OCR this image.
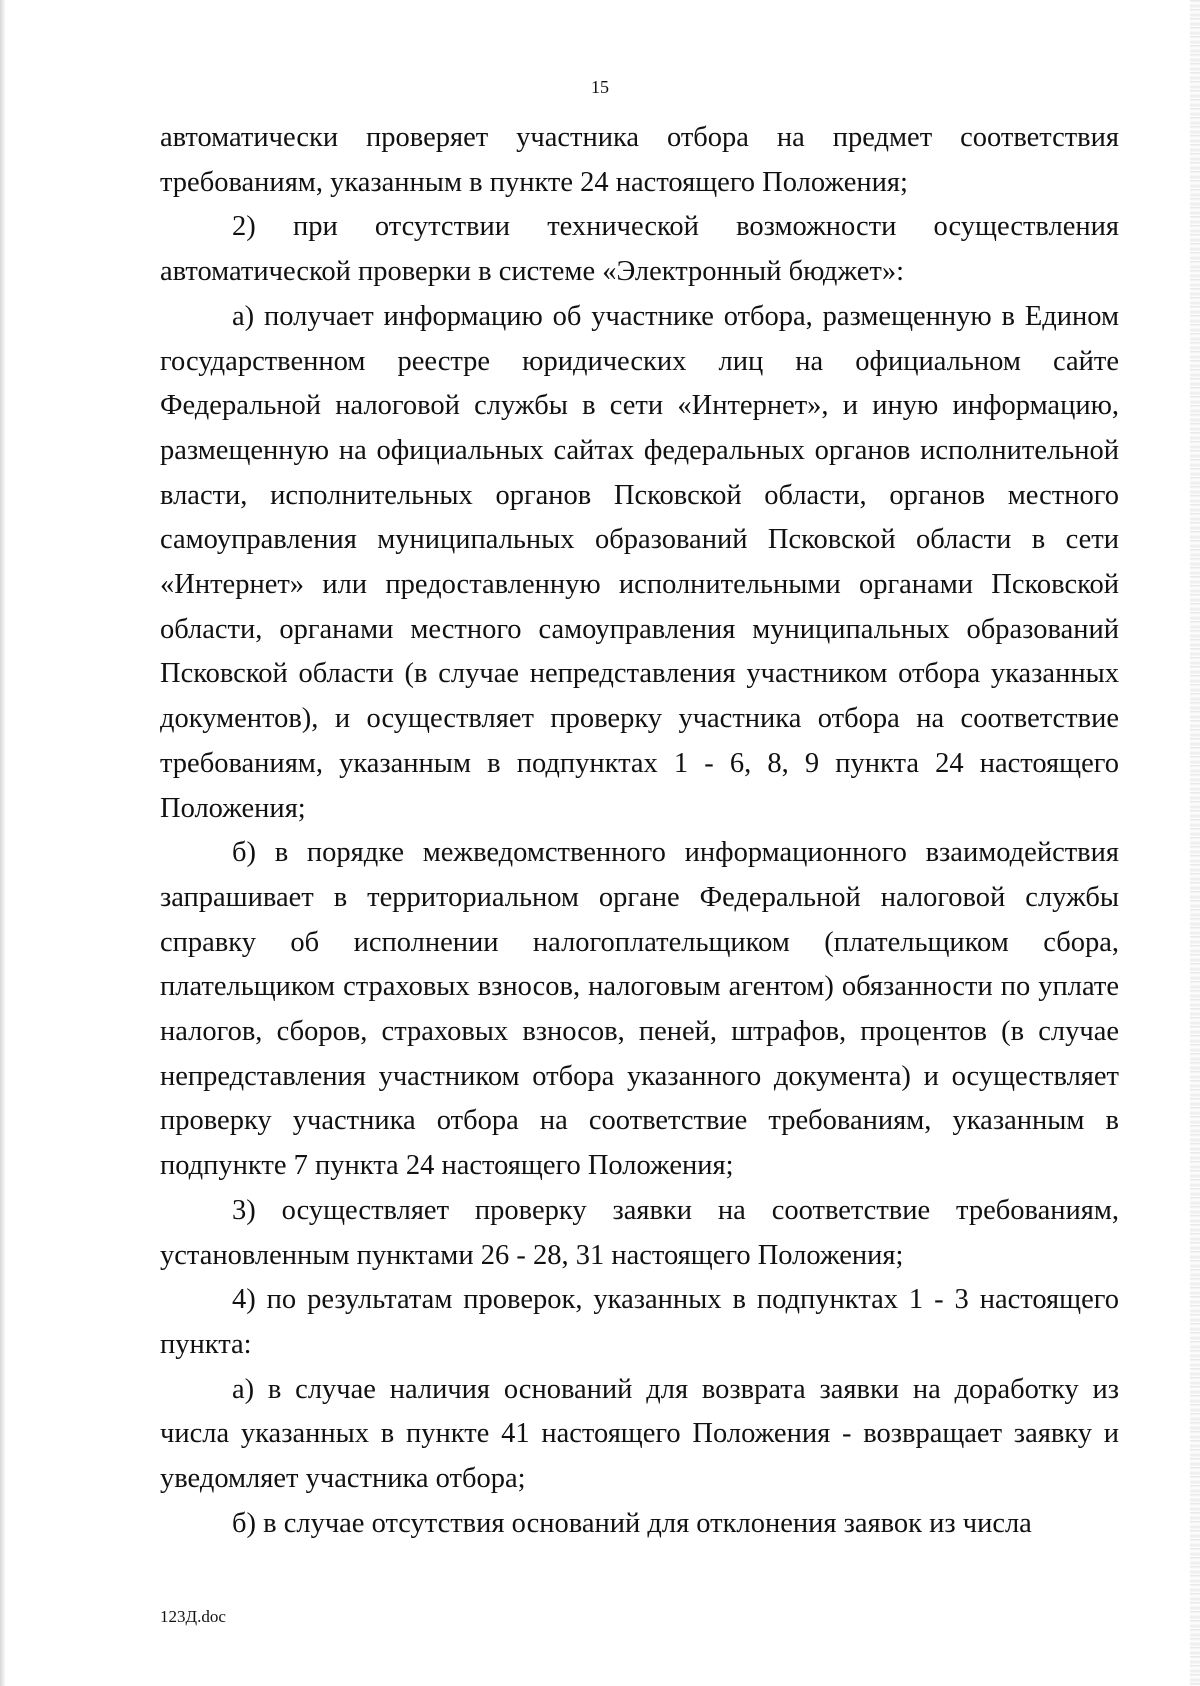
15

автоматически проверяет участника отбора на предмет соответствия требованиям, указанным в пункте 24 настоящего Положения;

2) при отсутствии технической возможности осуществления автоматической проверки в системе «Электронный бюджет»:

а) получает информацию об участнике отбора, размещенную в Едином государственном реестре юридических лиц на официальном сайте Федеральной налоговой службы в сети «Интернет», и иную информацию, размещенную на официальных сайтах федеральных органов исполнительной власти, исполнительных органов Псковской области, органов местного самоуправления муниципальных образований Псковской области в сети «Интернет» или предоставленную исполнительными органами Псковской области, органами местного самоуправления муниципальных образований Псковской области (в случае непредставления участником отбора указанных документов), и осуществляет проверку участника отбора на соответствие требованиям, указанным в подпунктах 1 - 6, 8, 9 пункта 24 настоящего Положения;

б) в порядке межведомственного информационного взаимодействия запрашивает в территориальном органе Федеральной налоговой службы справку об исполнении налогоплательщиком (плательщиком сбора, плательщиком страховых взносов, налоговым агентом) обязанности по уплате налогов, сборов, страховых взносов, пеней, штрафов, процентов (в случае непредставления участником отбора указанного документа) и осуществляет проверку участника отбора на соответствие требованиям, указанным в подпункте 7 пункта 24 настоящего Положения;

3) осуществляет проверку заявки на соответствие требованиям, установленным пунктами 26 - 28, 31 настоящего Положения;

4) по результатам проверок, указанных в подпунктах 1 - 3 настоящего пункта:

а) в случае наличия оснований для возврата заявки на доработку из числа указанных в пункте 41 настоящего Положения - возвращает заявку и уведомляет участника отбора;

б) в случае отсутствия оснований для отклонения заявок из числа

123Д.doc
